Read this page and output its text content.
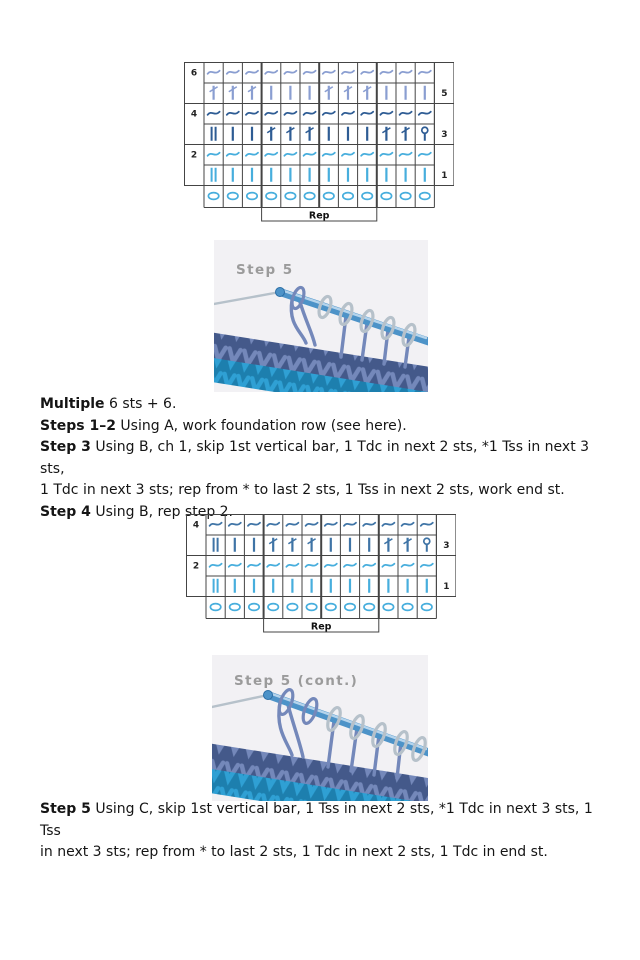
6
5
4
3
2
1
Rep
Step 5
Multiple 6 sts + 6.
Steps 1–2 Using A, work foundation row (see here).
Step 3 Using B, ch 1, skip 1st vertical bar, 1 Tdc in next 2 sts, *1 Tss in next 3 sts,
1 Tdc in next 3 sts; rep from * to last 2 sts, 1 Tss in next 2 sts, work end st.
Step 4 Using B, rep step 2.
4
3
2
1
Rep
Step 5 (cont.)
Step 5 Using C, skip 1st vertical bar, 1 Tss in next 2 sts, *1 Tdc in next 3 sts, 1 Tss
in next 3 sts; rep from * to last 2 sts, 1 Tdc in next 2 sts, 1 Tdc in end st.
